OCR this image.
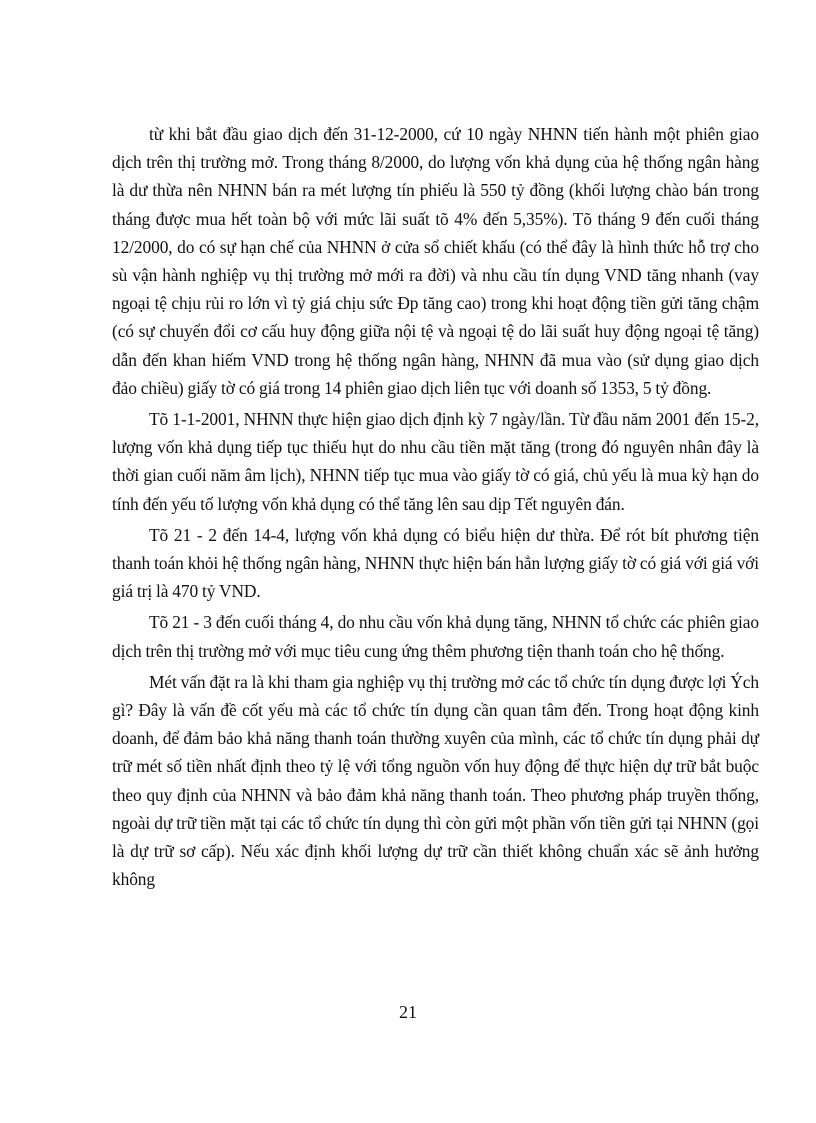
từ khi bắt đầu giao dịch đến 31-12-2000, cứ 10 ngày NHNN tiến hành một phiên giao dịch trên thị trường mở. Trong tháng 8/2000, do lượng vốn khả dụng của hệ thống ngân hàng là dư thừa nên NHNN bán ra mét lượng tín phiếu là 550 tỷ đồng (khối lượng chào bán trong tháng được mua hết toàn bộ với mức lãi suất tõ 4% đến 5,35%). Tõ tháng 9 đến cuối tháng 12/2000, do có sự hạn chế của NHNN ở cửa sổ chiết khấu (có thể đây là hình thức hỗ trợ cho sù vận hành nghiệp vụ thị trường mở mới ra đời) và nhu cầu tín dụng VND tăng nhanh (vay ngoại tệ chịu rủi ro lớn vì tỷ giá chịu sức Ðp tăng cao) trong khi hoạt động tiền gửi tăng chậm (có sự chuyển đổi cơ cấu huy động giữa nội tệ và ngoại tệ do lãi suất huy động ngoại tệ tăng) dẫn đến khan hiếm VND trong hệ thống ngân hàng, NHNN đã mua vào (sử dụng giao dịch đảo chiều) giấy tờ có giá trong 14 phiên giao dịch liên tục với doanh số 1353, 5 tỷ đồng.

Tõ 1-1-2001, NHNN thực hiện giao dịch định kỳ 7 ngày/lần. Từ đầu năm 2001 đến 15-2, lượng vốn khả dụng tiếp tục thiếu hụt do nhu cầu tiền mặt tăng (trong đó nguyên nhân đây là thời gian cuối năm âm lịch), NHNN tiếp tục mua vào giấy tờ có giá, chủ yếu là mua kỳ hạn do tính đến yếu tố lượng vốn khả dụng có thể tăng lên sau dịp Tết nguyên đán.

Tõ 21 - 2 đến 14-4, lượng vốn khả dụng có biểu hiện dư thừa. Để rót bít phương tiện thanh toán khỏi hệ thống ngân hàng, NHNN thực hiện bán hẳn lượng giấy tờ có giá với giá với giá trị là 470 tỷ VND.

Tõ 21 - 3 đến cuối tháng 4, do nhu cầu vốn khả dụng tăng, NHNN tổ chức các phiên giao dịch trên thị trường mở với mục tiêu cung ứng thêm phương tiện thanh toán cho hệ thống.

Mét vấn đặt ra là khi tham gia nghiệp vụ thị trường mở các tổ chức tín dụng được lợi Ých gì? Đây là vấn đề cốt yếu mà các tổ chức tín dụng cần quan tâm đến. Trong hoạt động kinh doanh, để đảm bảo khả năng thanh toán thường xuyên của mình, các tổ chức tín dụng phải dự trữ mét số tiền nhất định theo tỷ lệ với tổng nguồn vốn huy động để thực hiện dự trữ bắt buộc theo quy định của NHNN và bảo đảm khả năng thanh toán. Theo phương pháp truyền thống, ngoài dự trữ tiền mặt tại các tổ chức tín dụng thì còn gửi một phần vốn tiền gửi tại NHNN (gọi là dự trữ sơ cấp). Nếu xác định khối lượng dự trữ cần thiết không chuẩn xác sẽ ảnh hưởng không

21
